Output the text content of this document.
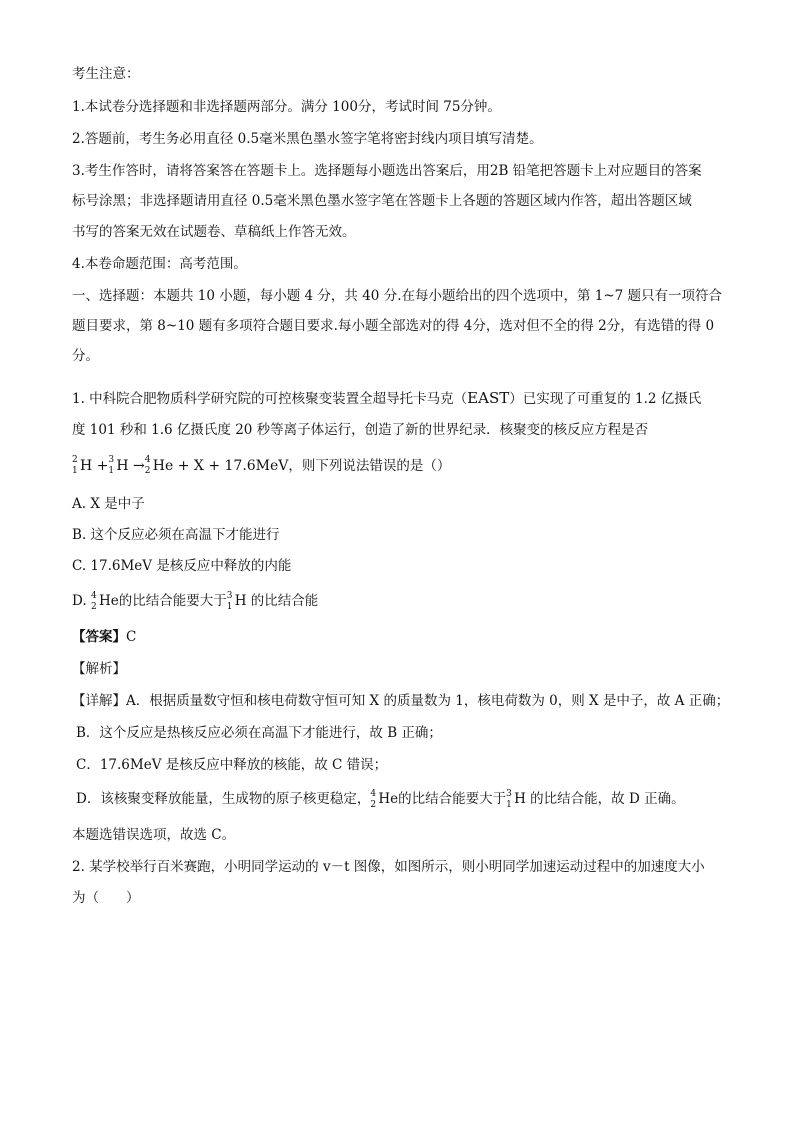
考生注意：
1.本试卷分选择题和非选择题两部分。满分 100分，考试时间 75分钟。
2.答题前，考生务必用直径 0.5毫米黑色墨水签字笔将密封线内项目填写清楚。
3.考生作答时，请将答案答在答题卡上。选择题每小题选出答案后，用2B 铅笔把答题卡上对应题目的答案
标号涂黑；非选择题请用直径 0.5毫米黑色墨水签字笔在答题卡上各题的答题区域内作答，超出答题区域
书写的答案无效在试题卷、草稿纸上作答无效。
4.本卷命题范围：高考范围。
一、选择题：本题共 10 小题，每小题 4 分，共 40 分.在每小题给出的四个选项中，第 1~7 题只有一项符合
题目要求，第 8~10 题有多项符合题目要求.每小题全部选对的得 4分，选对但不全的得 2分，有选错的得 0
分。
1. 中科院合肥物质科学研究院的可控核聚变装置全超导托卡马克（EAST）已实现了可重复的 1.2 亿摄氏
度 101 秒和 1.6 亿摄氏度 20 秒等离子体运行，创造了新的世界纪录．核聚变的核反应方程是否
2
1 H + 3
1 H → 4
2 He + X + 17.6MeV，则下列说法错误的是（）
A. X 是中子
B. 这个反应必须在高温下才能进行
C. 17.6MeV 是核反应中释放的内能
D. 4
2 He的比结合能要大于 3
1 H 的比结合能
【答案】C
【解析】
【详解】A．根据质量数守恒和核电荷数守恒可知 X 的质量数为 1，核电荷数为 0，则 X 是中子，故 A 正确；
B．这个反应是热核反应必须在高温下才能进行，故 B 正确；
C．17.6MeV 是核反应中释放的核能，故 C 错误；
D．该核聚变释放能量，生成物的原子核更稳定， 4
2 He的比结合能要大于 3
1 H 的比结合能，故 D 正确。
本题选错误选项，故选 C。
2. 某学校举行百米赛跑，小明同学运动的 v－t 图像，如图所示，则小明同学加速运动过程中的加速度大小
为（　　）
